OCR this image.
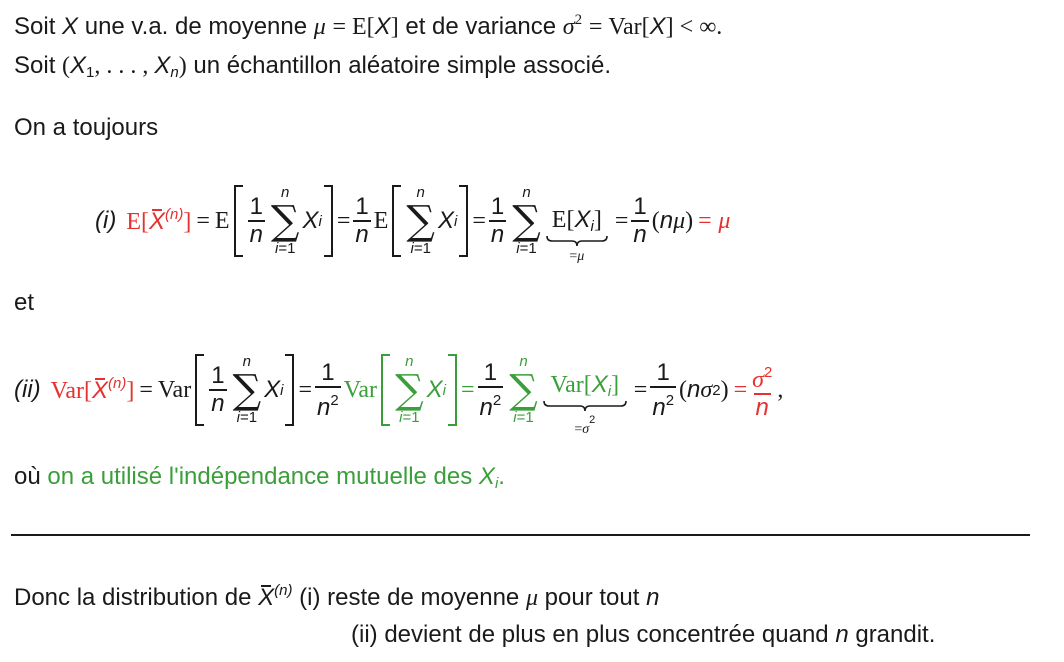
Soit X une v.a. de moyenne μ = E[X] et de variance $\sigma^2 = Var[X]$ < ∞.
Soit ($X_1$, . . . , $X_n$) un échantillon aléatoire simple associé.
On a toujours
(i) $E[X^{(n)}] = E \frac{1}{n}$
n
∑
i=1
X $i = \frac{1}{n}$ E
n
∑
i=1
X $i = \frac{1}{n}$
n
∑
i=1
$E[X_i]$
=μ
= $\frac{1}{n}$ ( n μ ) = μ
et
(ii) $Var[X^{(n)}]$ = Var $\frac{1}{n}$
n
∑
i=1
X $i = \frac{1}{n^2}$ Var
n
∑
i=1
X $i = \frac{1}{n^2}$ n
∑
i=1
$Var[X_i]$
$=\sigma^2$
= $\frac{1}{n^2}$ ( n σ 2 ) = $\frac{\sigma^2}{n}$ ,
où on a utilisé l'indépendance mutuelle des $X_i$.
Donc la distribution de $X^{(n)}$ (i) reste de moyenne μ pour tout n
(ii) devient de plus en plus concentrée quand n grandit.
